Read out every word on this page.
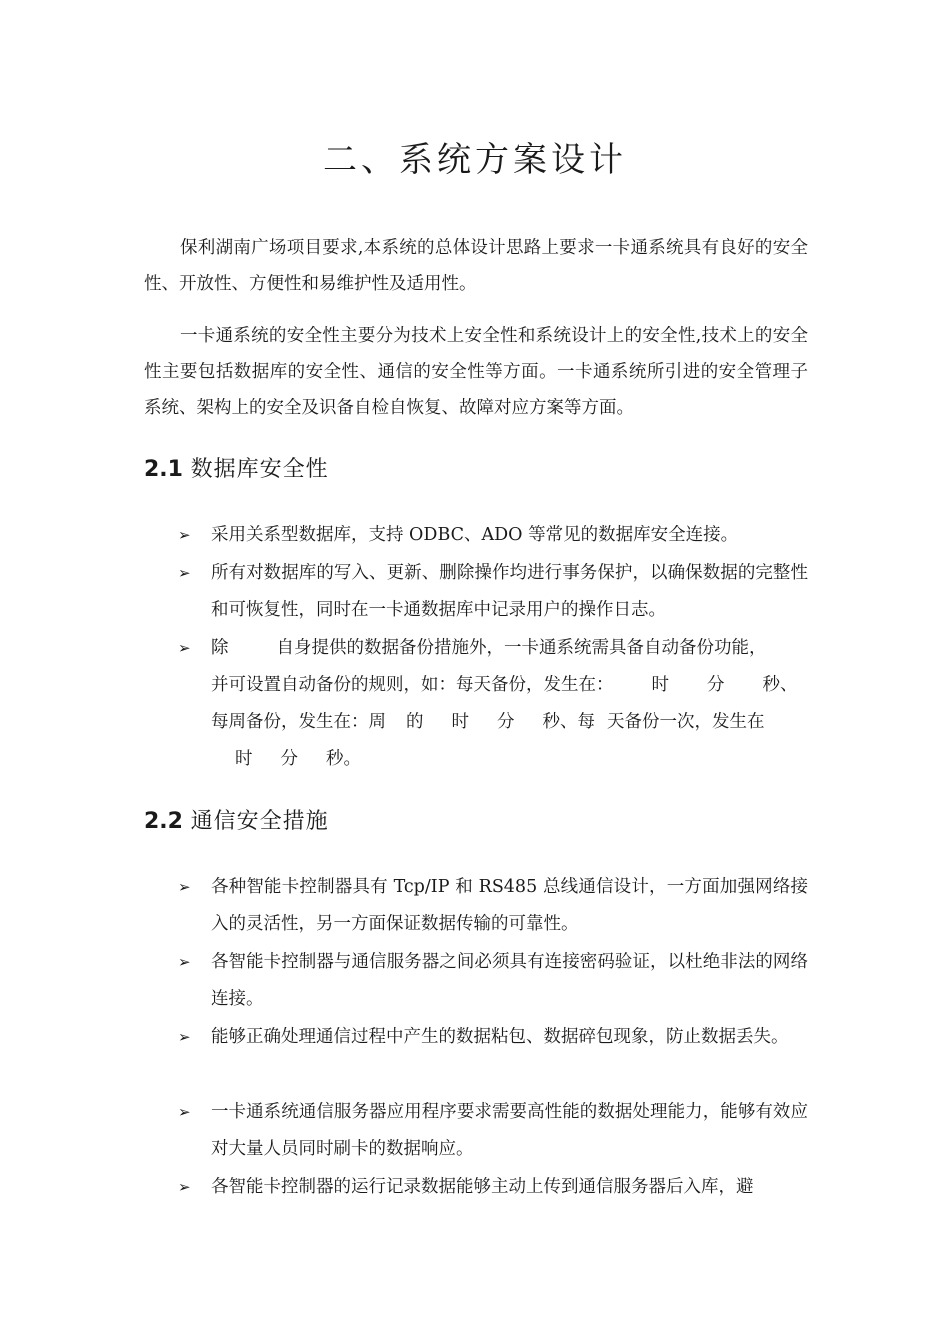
二、系统方案设计

保利湖南广场项目要求,本系统的总体设计思路上要求一卡通系统具有良好的安全性、开放性、方便性和易维护性及适用性。

一卡通系统的安全性主要分为技术上安全性和系统设计上的安全性,技术上的安全性主要包括数据库的安全性、通信的安全性等方面。一卡通系统所引进的安全管理子系统、架构上的安全及识备自检自恢复、故障对应方案等方面。

2.1 数据库安全性
➢ 采用关系型数据库，支持 ODBC、ADO 等常见的数据库安全连接。

➢ 所有对数据库的写入、更新、删除操作均进行事务保护，以确保数据的完整性和可恢复性，同时在一卡通数据库中记录用户的操作日志。

➢ 除	自身提供的数据备份措施外，一卡通系统需具备自动备份功能，
并可设置自动备份的规则，如：每天备份，发生在： 时 分 秒、
每周备份，发生在：周 的 时 分 秒、每 天备份一次，发生在
时 分 秒。
2.2 通信安全措施
➢ 各种智能卡控制器具有 Tcp/IP 和 RS485 总线通信设计，一方面加强网络接入的灵活性，另一方面保证数据传输的可靠性。

➢ 各智能卡控制器与通信服务器之间必须具有连接密码验证，以杜绝非法的网络连接。

➢ 能够正确处理通信过程中产生的数据粘包、数据碎包现象，防止数据丢失。

➢ 一卡通系统通信服务器应用程序要求需要高性能的数据处理能力，能够有效应对大量人员同时刷卡的数据响应。

➢ 各智能卡控制器的运行记录数据能够主动上传到通信服务器后入库，避
